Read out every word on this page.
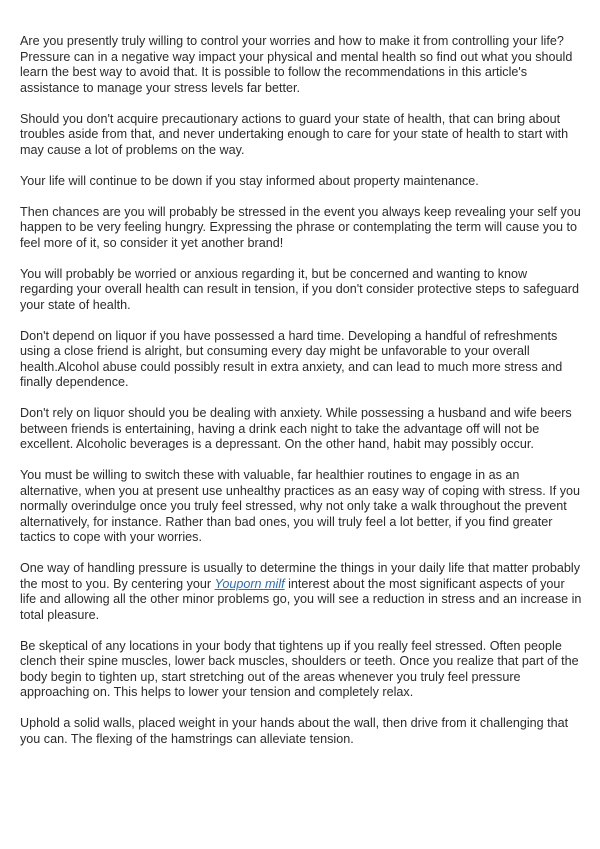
Are you presently truly willing to control your worries and how to make it from controlling your life? Pressure can in a negative way impact your physical and mental health so find out what you should learn the best way to avoid that. It is possible to follow the recommendations in this article's assistance to manage your stress levels far better.

Should you don't acquire precautionary actions to guard your state of health, that can bring about troubles aside from that, and never undertaking enough to care for your state of health to start with may cause a lot of problems on the way.

Your life will continue to be down if you stay informed about property maintenance.

Then chances are you will probably be stressed in the event you always keep revealing your self you happen to be very feeling hungry. Expressing the phrase or contemplating the term will cause you to feel more of it, so consider it yet another brand!

You will probably be worried or anxious regarding it, but be concerned and wanting to know regarding your overall health can result in tension, if you don't consider protective steps to safeguard your state of health.

Don't depend on liquor if you have possessed a hard time. Developing a handful of refreshments using a close friend is alright, but consuming every day might be unfavorable to your overall health.Alcohol abuse could possibly result in extra anxiety, and can lead to much more stress and finally dependence.

Don't rely on liquor should you be dealing with anxiety. While possessing a husband and wife beers between friends is entertaining, having a drink each night to take the advantage off will not be excellent. Alcoholic beverages is a depressant. On the other hand, habit may possibly occur.

You must be willing to switch these with valuable, far healthier routines to engage in as an alternative, when you at present use unhealthy practices as an easy way of coping with stress. If you normally overindulge once you truly feel stressed, why not only take a walk throughout the prevent alternatively, for instance. Rather than bad ones, you will truly feel a lot better, if you find greater tactics to cope with your worries.

One way of handling pressure is usually to determine the things in your daily life that matter probably the most to you. By centering your Youporn milf interest about the most significant aspects of your life and allowing all the other minor problems go, you will see a reduction in stress and an increase in total pleasure.

Be skeptical of any locations in your body that tightens up if you really feel stressed. Often people clench their spine muscles, lower back muscles, shoulders or teeth. Once you realize that part of the body begin to tighten up, start stretching out of the areas whenever you truly feel pressure approaching on. This helps to lower your tension and completely relax.

Uphold a solid walls, placed weight in your hands about the wall, then drive from it challenging that you can. The flexing of the hamstrings can alleviate tension.
